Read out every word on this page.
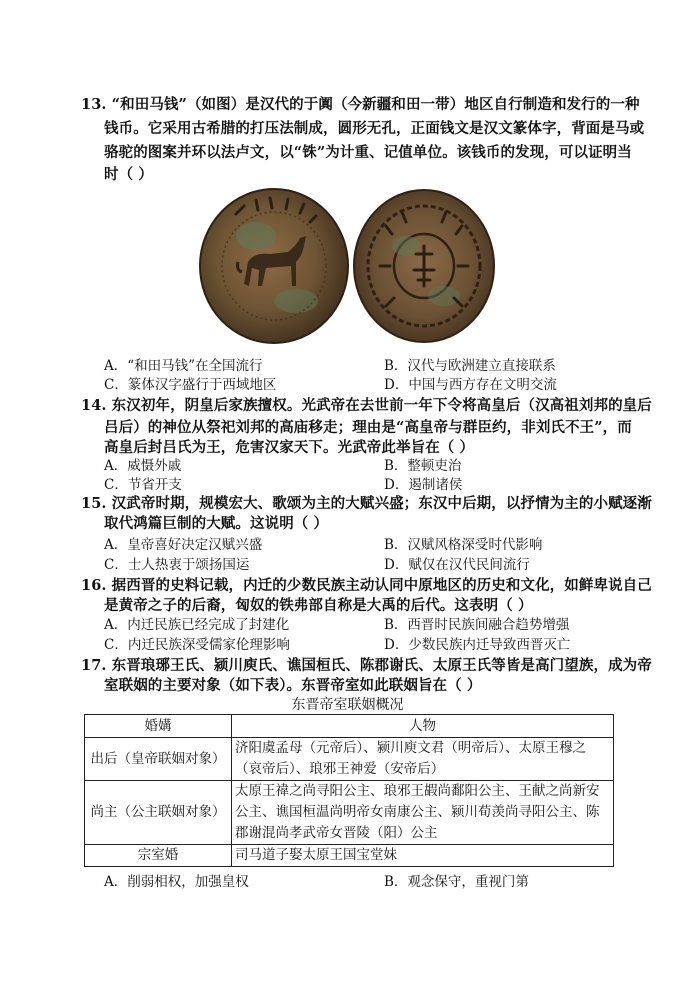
13. “和田马钱”（如图）是汉代的于阗（今新疆和田一带）地区自行制造和发行的一种
钱币。它采用古希腊的打压法制成，圆形无孔，正面钱文是汉文篆体字，背面是马或
骆驼的图案并环以法卢文，以“铢”为计重、记值单位。该钱币的发现，可以证明当
时（ ）
A．“和田马钱”在全国流行	B．汉代与欧洲建立直接联系
C．篆体汉字盛行于西域地区	D．中国与西方存在文明交流
14. 东汉初年，阴皇后家族擅权。光武帝在去世前一年下令将高皇后（汉高祖刘邦的皇后
吕后）的神位从祭祀刘邦的高庙移走；理由是“高皇帝与群臣约，非刘氏不王”，而
高皇后封吕氏为王，危害汉家天下。光武帝此举旨在（ ）
A．威慑外戚	B．整顿吏治
C．节省开支	D．遏制诸侯
15. 汉武帝时期，规模宏大、歌颂为主的大赋兴盛；东汉中后期，以抒情为主的小赋逐渐
取代鸿篇巨制的大赋。这说明（ ）
A．皇帝喜好决定汉赋兴盛	B．汉赋风格深受时代影响
C．士人热衷于颂扬国运	D．赋仅在汉代民间流行
16. 据西晋的史料记载，内迁的少数民族主动认同中原地区的历史和文化，如鲜卑说自己
是黄帝之子的后裔，匈奴的铁弗部自称是大禹的后代。这表明（ ）
A．内迁民族已经完成了封建化	B．西晋时民族间融合趋势增强
C．内迁民族深受儒家伦理影响	D．少数民族内迁导致西晋灭亡
17. 东晋琅琊王氏、颍川庾氏、谯国桓氏、陈郡谢氏、太原王氏等皆是高门望族，成为帝
室联姻的主要对象（如下表）。东晋帝室如此联姻旨在（ ）
东晋帝室联姻概况
婚媾	人物
出后（皇帝联姻对象）	济阳虞孟母（元帝后）、颍川庾文君（明帝后）、太原王穆之（哀帝后）、琅邪王神爱（安帝后）
尚主（公主联姻对象）	太原王禕之尚寻阳公主、琅邪王嘏尚鄱阳公主、王献之尚新安公主、谯国桓温尚明帝女南康公主、颍川荀羡尚寻阳公主、陈郡谢混尚孝武帝女晋陵（阳）公主
宗室婚	司马道子娶太原王国宝堂妹
A．削弱相权，加强皇权	B．观念保守，重视门第
